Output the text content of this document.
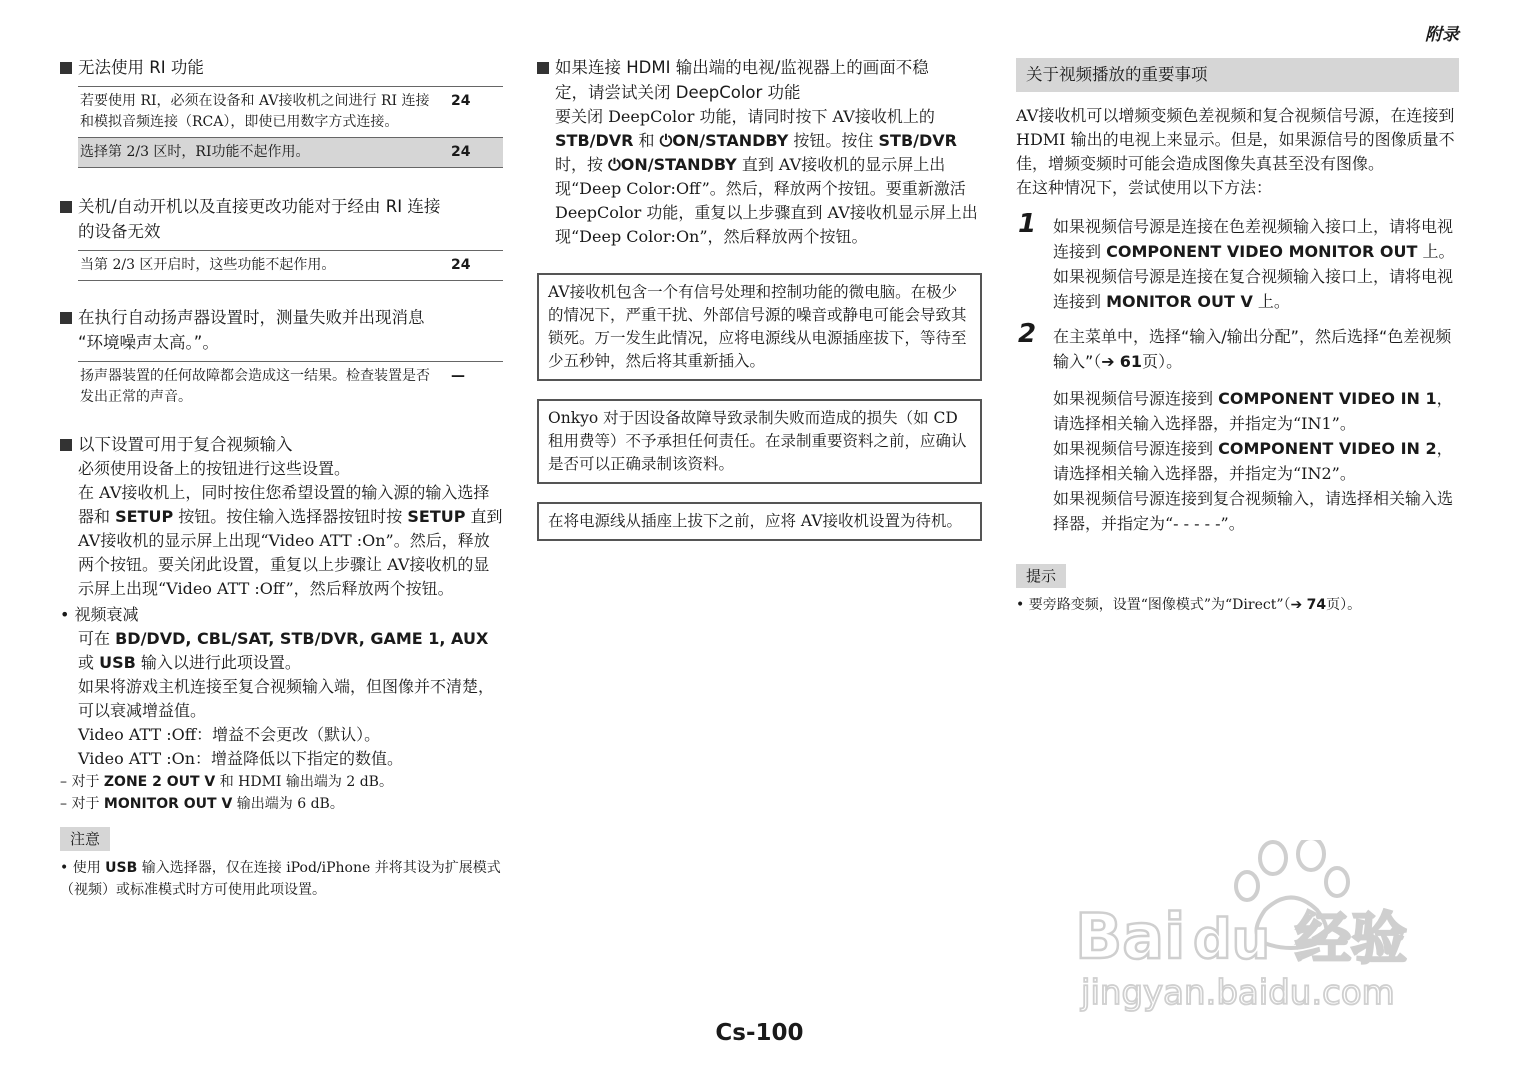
附录
无法使用 RI 功能
若要使用 RI，必须在设备和 AV接收机之间进行 RI 连接和模拟音频连接（RCA），即使已用数字方式连接。	24
选择第 2/3 区时，RI功能不起作用。	24
关机/自动开机以及直接更改功能对于经由 RI 连接
的设备无效
当第 2/3 区开启时，这些功能不起作用。	24
在执行自动扬声器设置时，测量失败并出现消息
“环境噪声太高。”。
扬声器装置的任何故障都会造成这一结果。检查装置是否发出正常的声音。	—
以下设置可用于复合视频输入
必须使用设备上的按钮进行这些设置。
在 AV接收机上，同时按住您希望设置的输入源的输入选择器和 SETUP 按钮。按住输入选择器按钮时按 SETUP 直到 AV接收机的显示屏上出现“Video ATT :On”。然后，释放两个按钮。要关闭此设置，重复以上步骤让 AV接收机的显示屏上出现“Video ATT :Off”，然后释放两个按钮。
• 视频衰减
可在 BD/DVD, CBL/SAT, STB/DVR, GAME 1, AUX 或 USB 输入以进行此项设置。
如果将游戏主机连接至复合视频输入端，但图像并不清楚，可以衰减增益值。
Video ATT :Off：增益不会更改（默认）。
Video ATT :On：增益降低以下指定的数值。
– 对于 ZONE 2 OUT V 和 HDMI 输出端为 2 dB。
– 对于 MONITOR OUT V 输出端为 6 dB。
注意
• 使用 USB 输入选择器，仅在连接 iPod/iPhone 并将其设为扩展模式（视频）或标准模式时方可使用此项设置。
如果连接 HDMI 输出端的电视/监视器上的画面不稳
定，请尝试关闭 DeepColor 功能
要关闭 DeepColor 功能，请同时按下 AV接收机上的 STB/DVR 和 ⏻ON/STANDBY 按钮。按住 STB/DVR 时，按 ⏻ON/STANDBY 直到 AV接收机的显示屏上出现“Deep Color:Off”。然后，释放两个按钮。要重新激活 DeepColor 功能，重复以上步骤直到 AV接收机显示屏上出现“Deep Color:On”，然后释放两个按钮。
AV接收机包含一个有信号处理和控制功能的微电脑。在极少的情况下，严重干扰、外部信号源的噪音或静电可能会导致其锁死。万一发生此情况，应将电源线从电源插座拔下，等待至少五秒钟，然后将其重新插入。
Onkyo 对于因设备故障导致录制失败而造成的损失（如 CD 租用费等）不予承担任何责任。在录制重要资料之前，应确认是否可以正确录制该资料。
在将电源线从插座上拔下之前，应将 AV接收机设置为待机。
关于视频播放的重要事项
AV接收机可以增频变频色差视频和复合视频信号源，在连接到 HDMI 输出的电视上来显示。但是，如果源信号的图像质量不佳，增频变频时可能会造成图像失真甚至没有图像。
在这种情况下，尝试使用以下方法：
1 如果视频信号源是连接在色差视频输入接口上，请将电视连接到 COMPONENT VIDEO MONITOR OUT 上。
如果视频信号源是连接在复合视频输入接口上，请将电视连接到 MONITOR OUT V 上。
2 在主菜单中，选择“输入/输出分配”，然后选择“色差视频输入”（➔ 61页）。
如果视频信号源连接到 COMPONENT VIDEO IN 1，请选择相关输入选择器，并指定为“IN1”。
如果视频信号源连接到 COMPONENT VIDEO IN 2，请选择相关输入选择器，并指定为“IN2”。
如果视频信号源连接到复合视频输入，请选择相关输入选择器，并指定为“- - - - -”。
提示
• 要旁路变频，设置“图像模式”为“Direct”（➔ 74页）。
Bai du 经验
jingyan.baidu.com
Cs-100
